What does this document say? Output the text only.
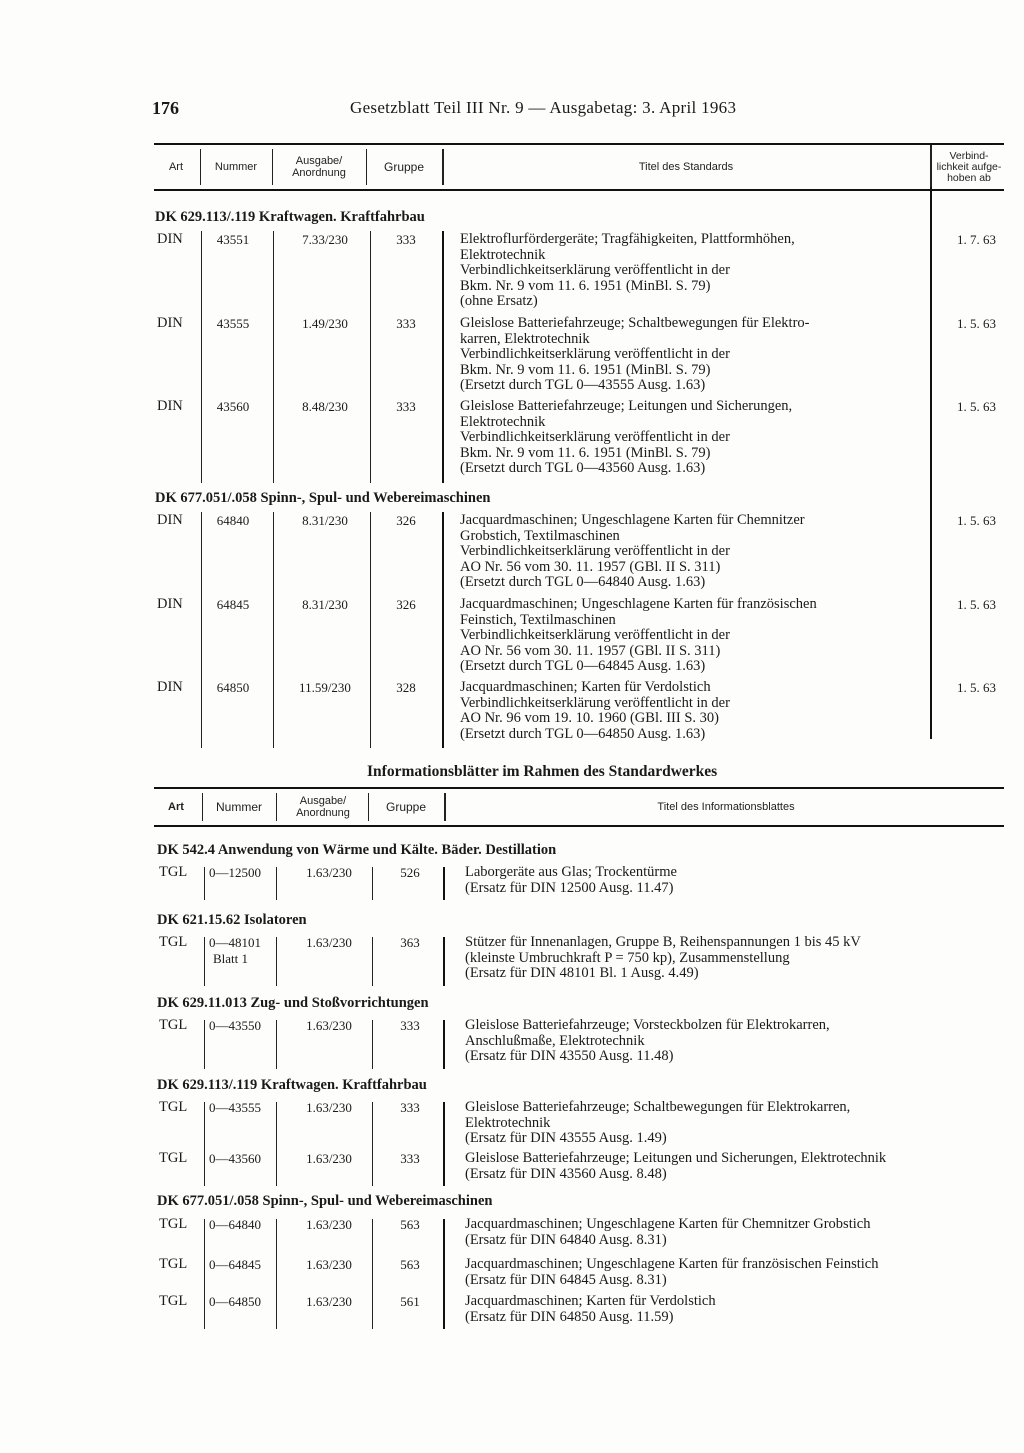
176	Gesetzblatt Teil III Nr. 9 — Ausgabetag: 3. April 1963
Art	Nummer	Ausgabe/ Anordnung	Gruppe	Titel des Standards
Verbind- lichkeit aufge- hoben ab
DK 629.113/.119 Kraftwagen. Kraftfahrbau
DIN	43551	7.33/230	333	Elektroflurfördergeräte; Tragfähigkeiten, Plattformhöhen,
Elektrotechnik
Verbindlichkeitserklärung veröffentlicht in der
Bkm. Nr. 9 vom 11. 6. 1951 (MinBl. S. 79)
(ohne Ersatz)
1. 7. 63
DIN	43555	1.49/230	333	Gleislose Batteriefahrzeuge; Schaltbewegungen für Elektro-
karren, Elektrotechnik
Verbindlichkeitserklärung veröffentlicht in der
Bkm. Nr. 9 vom 11. 6. 1951 (MinBl. S. 79)
(Ersetzt durch TGL 0—43555 Ausg. 1.63)
1. 5. 63
DIN	43560	8.48/230	333	Gleislose Batteriefahrzeuge; Leitungen und Sicherungen,
Elektrotechnik
Verbindlichkeitserklärung veröffentlicht in der
Bkm. Nr. 9 vom 11. 6. 1951 (MinBl. S. 79)
(Ersetzt durch TGL 0—43560 Ausg. 1.63)
1. 5. 63
DK 677.051/.058 Spinn-, Spul- und Webereimaschinen
DIN	64840	8.31/230	326	Jacquardmaschinen; Ungeschlagene Karten für Chemnitzer
Grobstich, Textilmaschinen
Verbindlichkeitserklärung veröffentlicht in der
AO Nr. 56 vom 30. 11. 1957 (GBl. II S. 311)
(Ersetzt durch TGL 0—64840 Ausg. 1.63)
1. 5. 63
DIN	64845	8.31/230	326	Jacquardmaschinen; Ungeschlagene Karten für französischen
Feinstich, Textilmaschinen
Verbindlichkeitserklärung veröffentlicht in der
AO Nr. 56 vom 30. 11. 1957 (GBl. II S. 311)
(Ersetzt durch TGL 0—64845 Ausg. 1.63)
1. 5. 63
DIN	64850	11.59/230	328	Jacquardmaschinen; Karten für Verdolstich
Verbindlichkeitserklärung veröffentlicht in der
AO Nr. 96 vom 19. 10. 1960 (GBl. III S. 30)
(Ersetzt durch TGL 0—64850 Ausg. 1.63)
1. 5. 63
Informationsblätter im Rahmen des Standardwerkes
Art	Nummer	Ausgabe/ Anordnung	Gruppe	Titel des Informationsblattes
DK 542.4 Anwendung von Wärme und Kälte. Bäder. Destillation
TGL 0—12500	1.63/230	526	Laborgeräte aus Glas; Trockentürme
(Ersatz für DIN 12500 Ausg. 11.47)
DK 621.15.62 Isolatoren
TGL 0—48101
Blatt 1
1.63/230	363	Stützer für Innenanlagen, Gruppe B, Reihenspannungen 1 bis 45 kV
(kleinste Umbruchkraft P = 750 kp), Zusammenstellung
(Ersatz für DIN 48101 Bl. 1 Ausg. 4.49)
DK 629.11.013 Zug- und Stoßvorrichtungen
TGL 0—43550	1.63/230	333	Gleislose Batteriefahrzeuge; Vorsteckbolzen für Elektrokarren,
Anschlußmaße, Elektrotechnik
(Ersatz für DIN 43550 Ausg. 11.48)
DK 629.113/.119 Kraftwagen. Kraftfahrbau
TGL 0—43555	1.63/230	333	Gleislose Batteriefahrzeuge; Schaltbewegungen für Elektrokarren,
Elektrotechnik
(Ersatz für DIN 43555 Ausg. 1.49)
TGL 0—43560	1.63/230	333	Gleislose Batteriefahrzeuge; Leitungen und Sicherungen, Elektrotechnik
(Ersatz für DIN 43560 Ausg. 8.48)
DK 677.051/.058 Spinn-, Spul- und Webereimaschinen
TGL 0—64840	1.63/230	563	Jacquardmaschinen; Ungeschlagene Karten für Chemnitzer Grobstich
(Ersatz für DIN 64840 Ausg. 8.31)
TGL 0—64845	1.63/230	563	Jacquardmaschinen; Ungeschlagene Karten für französischen Feinstich
(Ersatz für DIN 64845 Ausg. 8.31)
TGL 0—64850	1.63/230	561	Jacquardmaschinen; Karten für Verdolstich
(Ersatz für DIN 64850 Ausg. 11.59)
